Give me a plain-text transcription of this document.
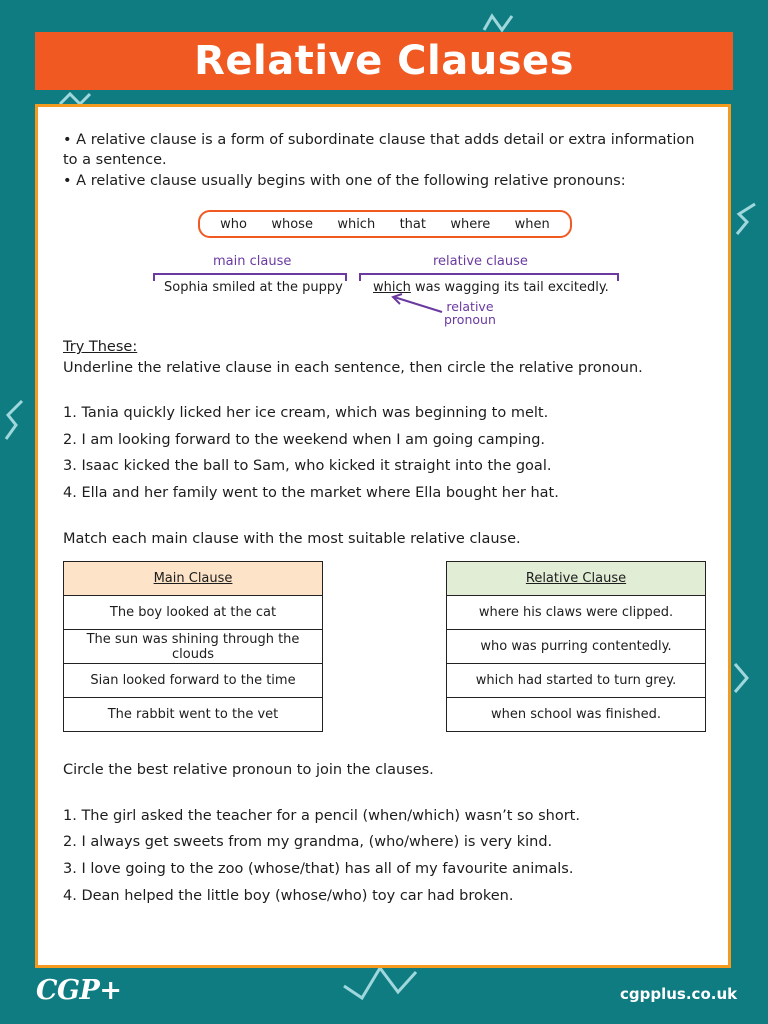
Relative Clauses
• A relative clause is a form of subordinate clause that adds detail or extra information
to a sentence.
• A relative clause usually begins with one of the following relative pronouns:
who whose which that where when
main clause	relative clause
Sophia smiled at the puppy which was wagging its tail excitedly.
relative
pronoun
Try These:
Underline the relative clause in each sentence, then circle the relative pronoun.
1. Tania quickly licked her ice cream, which was beginning to melt.
2. I am looking forward to the weekend when I am going camping.
3. Isaac kicked the ball to Sam, who kicked it straight into the goal.
4. Ella and her family went to the market where Ella bought her hat.
Match each main clause with the most suitable relative clause.
Main Clause
The boy looked at the cat
The sun was shining through the clouds
Sian looked forward to the time
The rabbit went to the vet
Relative Clause
where his claws were clipped.
who was purring contentedly.
which had started to turn grey.
when school was finished.
Circle the best relative pronoun to join the clauses.
1. The girl asked the teacher for a pencil (when/which) wasn’t so short.
2. I always get sweets from my grandma, (who/where) is very kind.
3. I love going to the zoo (whose/that) has all of my favourite animals.
4. Dean helped the little boy (whose/who) toy car had broken.
CGP+	cgpplus.co.uk
